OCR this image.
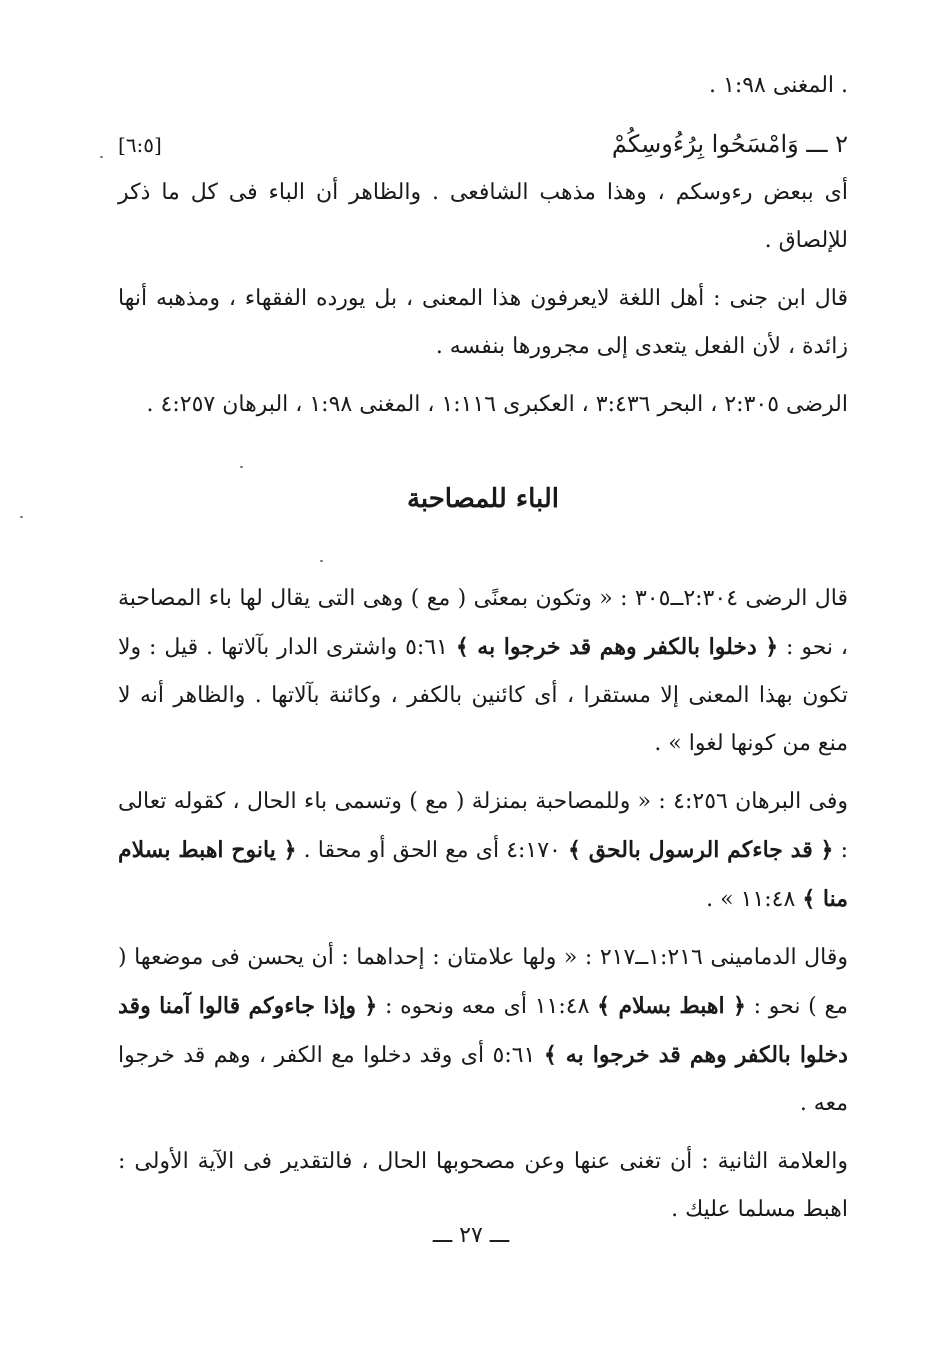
. المغنى ١:٩٨ .

٢ ـــ وَامْسَحُوا بِرُءُوسِكُمْ
[٦:٥]

أى ببعض رءوسكم ، وهذا مذهب الشافعى . والظاهر أن الباء فى كل ما ذكر للإلصاق .

قال ابن جنى : أهل اللغة لايعرفون هذا المعنى ، بل يورده الفقهاء ، ومذهبه أنها زائدة ، لأن الفعل يتعدى إلى مجرورها بنفسه .

الرضى ٢:٣٠٥ ، البحر ٣:٤٣٦ ، العكبرى ١:١١٦ ، المغنى ١:٩٨ ، البرهان ٤:٢٥٧ .

الباء للمصاحبة

قال الرضى ٢:٣٠٤ــ٣٠٥ : « وتكون بمعنًى ( مع ) وهى التى يقال لها باء المصاحبة ، نحو : ﴿ دخلوا بالكفر وهم قد خرجوا به ﴾ ٥:٦١ واشترى الدار بآلاتها . قيل : ولا تكون بهذا المعنى إلا مستقرا ، أى كائنين بالكفر ، وكائنة بآلاتها . والظاهر أنه لا منع من كونها لغوا » .

وفى البرهان ٤:٢٥٦ : « وللمصاحبة بمنزلة ( مع ) وتسمى باء الحال ، كقوله تعالى : ﴿ قد جاءكم الرسول بالحق ﴾ ٤:١٧٠ أى مع الحق أو محقا . ﴿ يانوح اهبط بسلام منا ﴾ ١١:٤٨ » .

وقال الدمامينى ١:٢١٦ــ٢١٧ : « ولها علامتان : إحداهما : أن يحسن فى موضعها ( مع ) نحو : ﴿ اهبط بسلام ﴾ ١١:٤٨ أى معه ونحوه : ﴿ وإذا جاءوكم قالوا آمنا وقد دخلوا بالكفر وهم قد خرجوا به ﴾ ٥:٦١ أى وقد دخلوا مع الكفر ، وهم قد خرجوا معه .

والعلامة الثانية : أن تغنى عنها وعن مصحوبها الحال ، فالتقدير فى الآية الأولى : اهبط مسلما عليك .

ـــ ٢٧ ـــ
